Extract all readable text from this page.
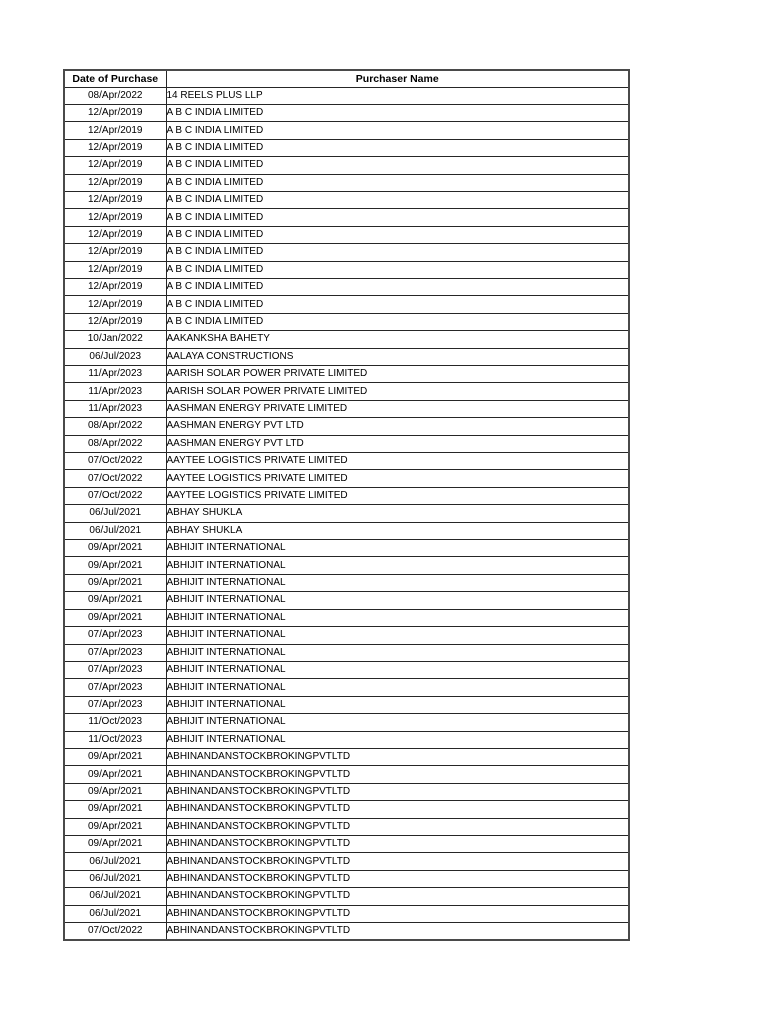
Date of Purchase	Purchaser Name
08/Apr/2022	14 REELS PLUS LLP
12/Apr/2019	A B C INDIA LIMITED
12/Apr/2019	A B C INDIA LIMITED
12/Apr/2019	A B C INDIA LIMITED
12/Apr/2019	A B C INDIA LIMITED
12/Apr/2019	A B C INDIA LIMITED
12/Apr/2019	A B C INDIA LIMITED
12/Apr/2019	A B C INDIA LIMITED
12/Apr/2019	A B C INDIA LIMITED
12/Apr/2019	A B C INDIA LIMITED
12/Apr/2019	A B C INDIA LIMITED
12/Apr/2019	A B C INDIA LIMITED
12/Apr/2019	A B C INDIA LIMITED
12/Apr/2019	A B C INDIA LIMITED
10/Jan/2022	AAKANKSHA BAHETY
06/Jul/2023	AALAYA CONSTRUCTIONS
11/Apr/2023	AARISH SOLAR POWER PRIVATE LIMITED
11/Apr/2023	AARISH SOLAR POWER PRIVATE LIMITED
11/Apr/2023	AASHMAN ENERGY PRIVATE LIMITED
08/Apr/2022	AASHMAN ENERGY PVT LTD
08/Apr/2022	AASHMAN ENERGY PVT LTD
07/Oct/2022	AAYTEE LOGISTICS PRIVATE LIMITED
07/Oct/2022	AAYTEE LOGISTICS PRIVATE LIMITED
07/Oct/2022	AAYTEE LOGISTICS PRIVATE LIMITED
06/Jul/2021	ABHAY SHUKLA
06/Jul/2021	ABHAY SHUKLA
09/Apr/2021	ABHIJIT INTERNATIONAL
09/Apr/2021	ABHIJIT INTERNATIONAL
09/Apr/2021	ABHIJIT INTERNATIONAL
09/Apr/2021	ABHIJIT INTERNATIONAL
09/Apr/2021	ABHIJIT INTERNATIONAL
07/Apr/2023	ABHIJIT INTERNATIONAL
07/Apr/2023	ABHIJIT INTERNATIONAL
07/Apr/2023	ABHIJIT INTERNATIONAL
07/Apr/2023	ABHIJIT INTERNATIONAL
07/Apr/2023	ABHIJIT INTERNATIONAL
11/Oct/2023	ABHIJIT INTERNATIONAL
11/Oct/2023	ABHIJIT INTERNATIONAL
09/Apr/2021	ABHINANDANSTOCKBROKINGPVTLTD
09/Apr/2021	ABHINANDANSTOCKBROKINGPVTLTD
09/Apr/2021	ABHINANDANSTOCKBROKINGPVTLTD
09/Apr/2021	ABHINANDANSTOCKBROKINGPVTLTD
09/Apr/2021	ABHINANDANSTOCKBROKINGPVTLTD
09/Apr/2021	ABHINANDANSTOCKBROKINGPVTLTD
06/Jul/2021	ABHINANDANSTOCKBROKINGPVTLTD
06/Jul/2021	ABHINANDANSTOCKBROKINGPVTLTD
06/Jul/2021	ABHINANDANSTOCKBROKINGPVTLTD
06/Jul/2021	ABHINANDANSTOCKBROKINGPVTLTD
07/Oct/2022	ABHINANDANSTOCKBROKINGPVTLTD
